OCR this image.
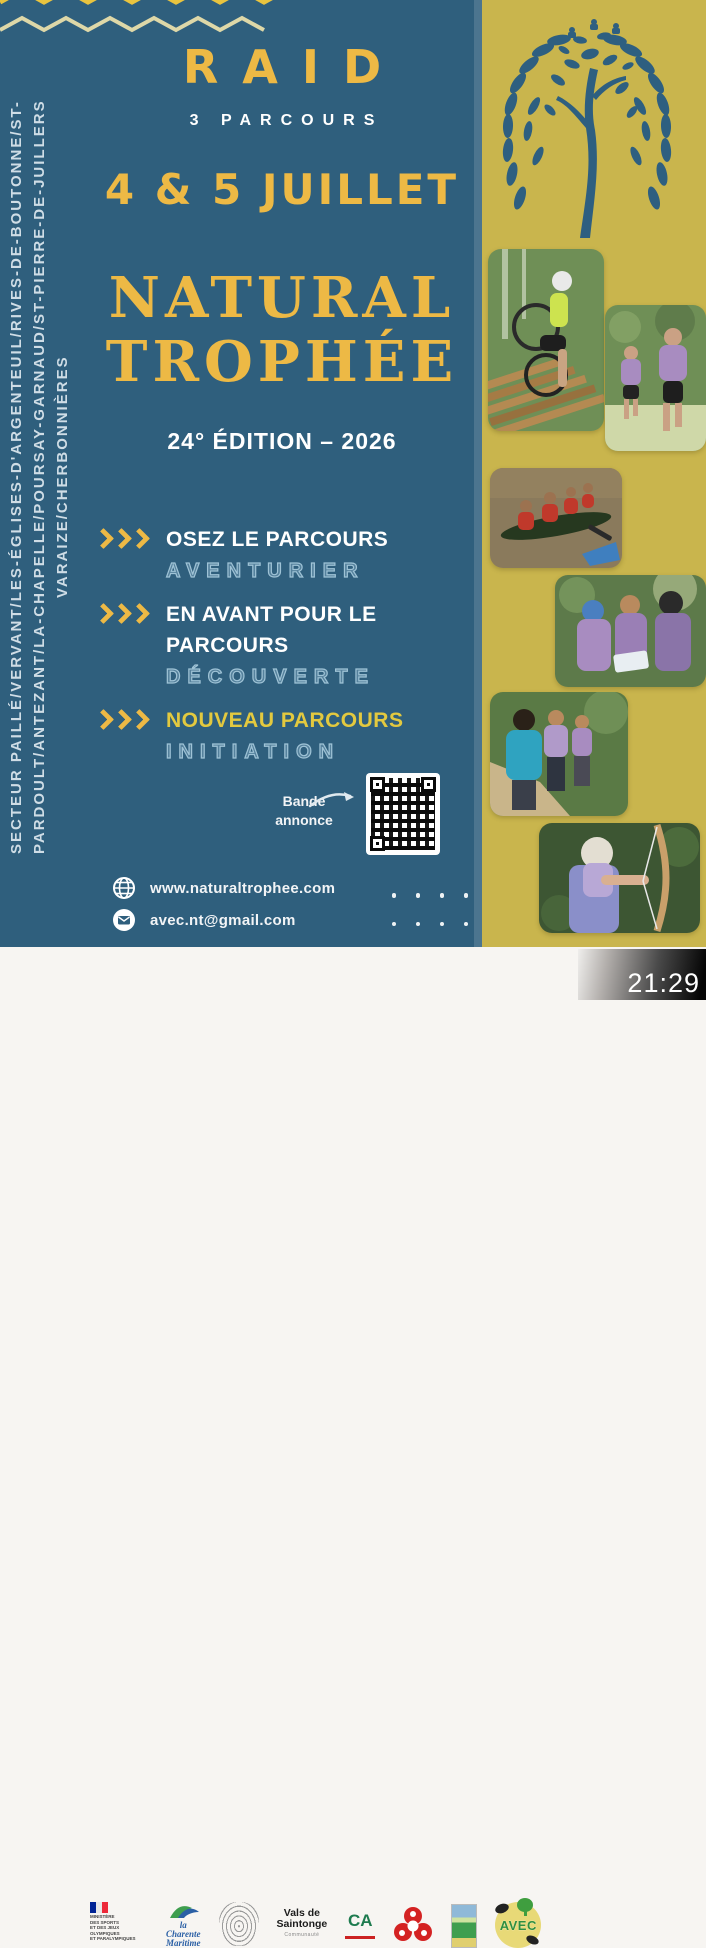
SECTEUR PAILLÉ/VERVANT/LES-ÉGLISES-D'ARGENTEUIL/RIVES-DE-BOUTONNE/ST- PARDOULT/ANTEZANT/LA-CHAPELLE/POURSAY-GARNAUD/ST-PIERRE-DE-JUILLERS VARAIZE/CHERBONNIÈRES
RAID
3 PARCOURS
4 & 5 JUILLET
NATURAL
TROPHÉE
24° ÉDITION – 2026
OSEZ LE PARCOURS
AVENTURIER
EN AVANT POUR LE PARCOURS
DÉCOUVERTE
NOUVEAU PARCOURS
INITIATION
Bande annonce
www.naturaltrophee.com
avec.nt@gmail.com
MINISTÈRE
DES SPORTS
ET DES JEUX OLYMPIQUES
ET PARALYMPIQUES
la
Charente
Maritime
Vals de
Saintonge
Communauté
CA	AVEC
21:29
